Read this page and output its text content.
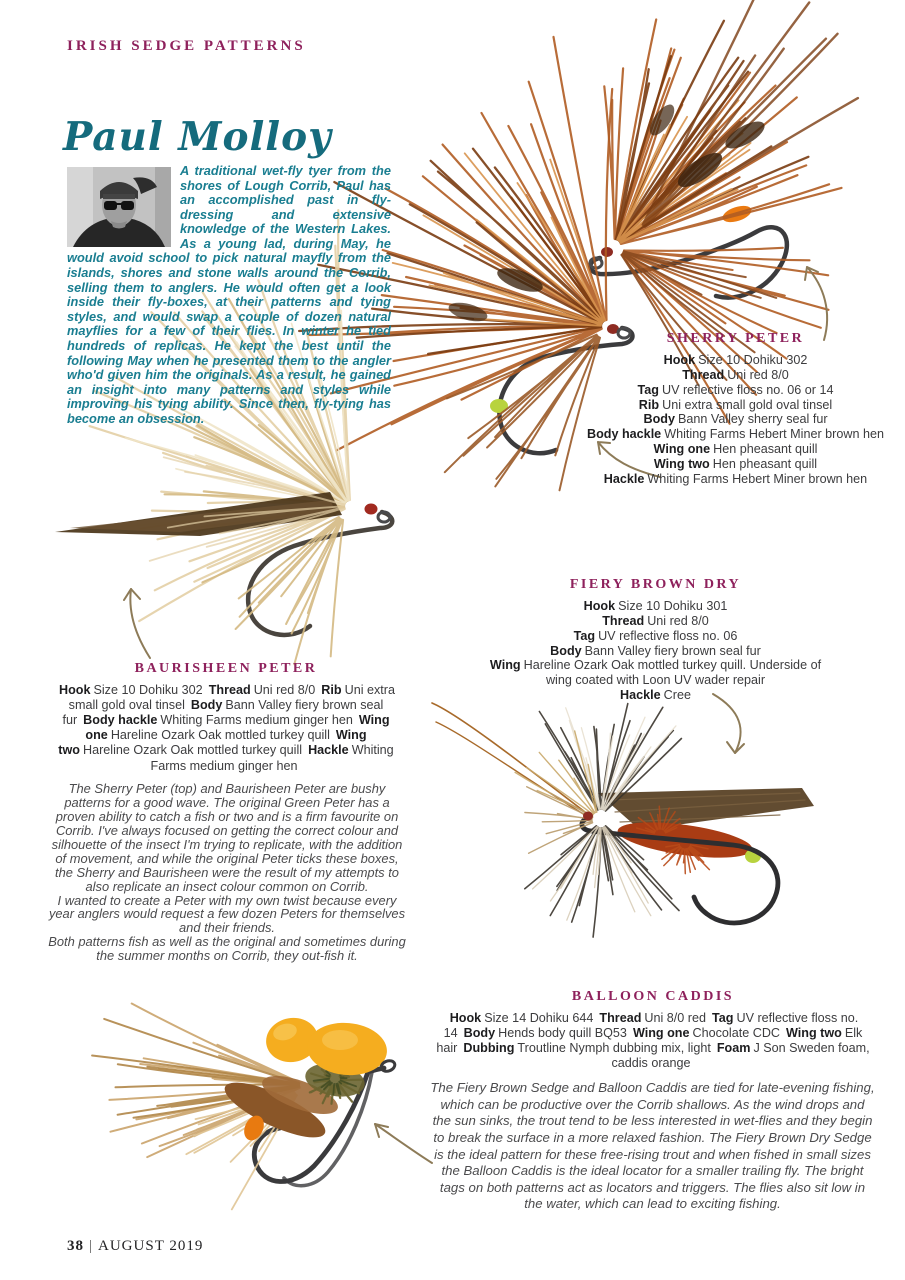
IRISH SEDGE PATTERNS
Paul Molloy
A traditional wet-fly tyer from the shores of Lough Corrib, Paul has an accomplished past in fly-dressing and extensive knowledge of the Western Lakes. As a young lad, during May, he would avoid school to pick natural mayfly from the islands, shores and stone walls around the Corrib, selling them to anglers. He would often get a look inside their fly-boxes, at their patterns and tying styles, and would swap a couple of dozen natural mayflies for a few of their flies. In winter he tied hundreds of replicas. He kept the best until the following May when he presented them to the angler who'd given him the originals. As a result, he gained an insight into many patterns and styles while improving his tying ability. Since then, fly-tying has become an obsession.
SHERRY PETER
Hook Size 10 Dohiku 302
Thread Uni red 8/0
Tag UV reflective floss no. 06 or 14
Rib Uni extra small gold oval tinsel
Body Bann Valley sherry seal fur
Body hackle Whiting Farms Hebert Miner brown hen
Wing one Hen pheasant quill
Wing two Hen pheasant quill
Hackle Whiting Farms Hebert Miner brown hen
FIERY BROWN DRY
Hook Size 10 Dohiku 301
Thread Uni red 8/0
Tag UV reflective floss no. 06
Body Bann Valley fiery brown seal fur
Wing Hareline Ozark Oak mottled turkey quill. Underside of wing coated with Loon UV wader repair
Hackle Cree
BAURISHEEN PETER
Hook Size 10 Dohiku 302 Thread Uni red 8/0 Rib Uni extra small gold oval tinsel Body Bann Valley fiery brown seal fur Body hackle Whiting Farms medium ginger hen Wing one Hareline Ozark Oak mottled turkey quill Wing two Hareline Ozark Oak mottled turkey quill Hackle Whiting Farms medium ginger hen

The Sherry Peter (top) and Baurisheen Peter are bushy patterns for a good wave. The original Green Peter has a proven ability to catch a fish or two and is a firm favourite on Corrib. I've always focused on getting the correct colour and silhouette of the insect I'm trying to replicate, with the addition of movement, and while the original Peter ticks these boxes, the Sherry and Baurisheen were the result of my attempts to also replicate an insect colour common on Corrib.

I wanted to create a Peter with my own twist because every year anglers would request a few dozen Peters for themselves and their friends.

Both patterns fish as well as the original and sometimes during the summer months on Corrib, they out-fish it.

BALLOON CADDIS
Hook Size 14 Dohiku 644 Thread Uni 8/0 red Tag UV reflective floss no. 14 Body Hends body quill BQ53 Wing one Chocolate CDC Wing two Elk hair Dubbing Troutline Nymph dubbing mix, light Foam J Son Sweden foam, caddis orange

The Fiery Brown Sedge and Balloon Caddis are tied for late-evening fishing, which can be productive over the Corrib shallows. As the wind drops and the sun sinks, the trout tend to be less interested in wet-flies and they begin to break the surface in a more relaxed fashion. The Fiery Brown Dry Sedge is the ideal pattern for these free-rising trout and when fished in small sizes the Balloon Caddis is the ideal locator for a smaller trailing fly. The bright tags on both patterns act as locators and triggers. The flies also sit low in the water, which can lead to exciting fishing.

38 | AUGUST 2019
